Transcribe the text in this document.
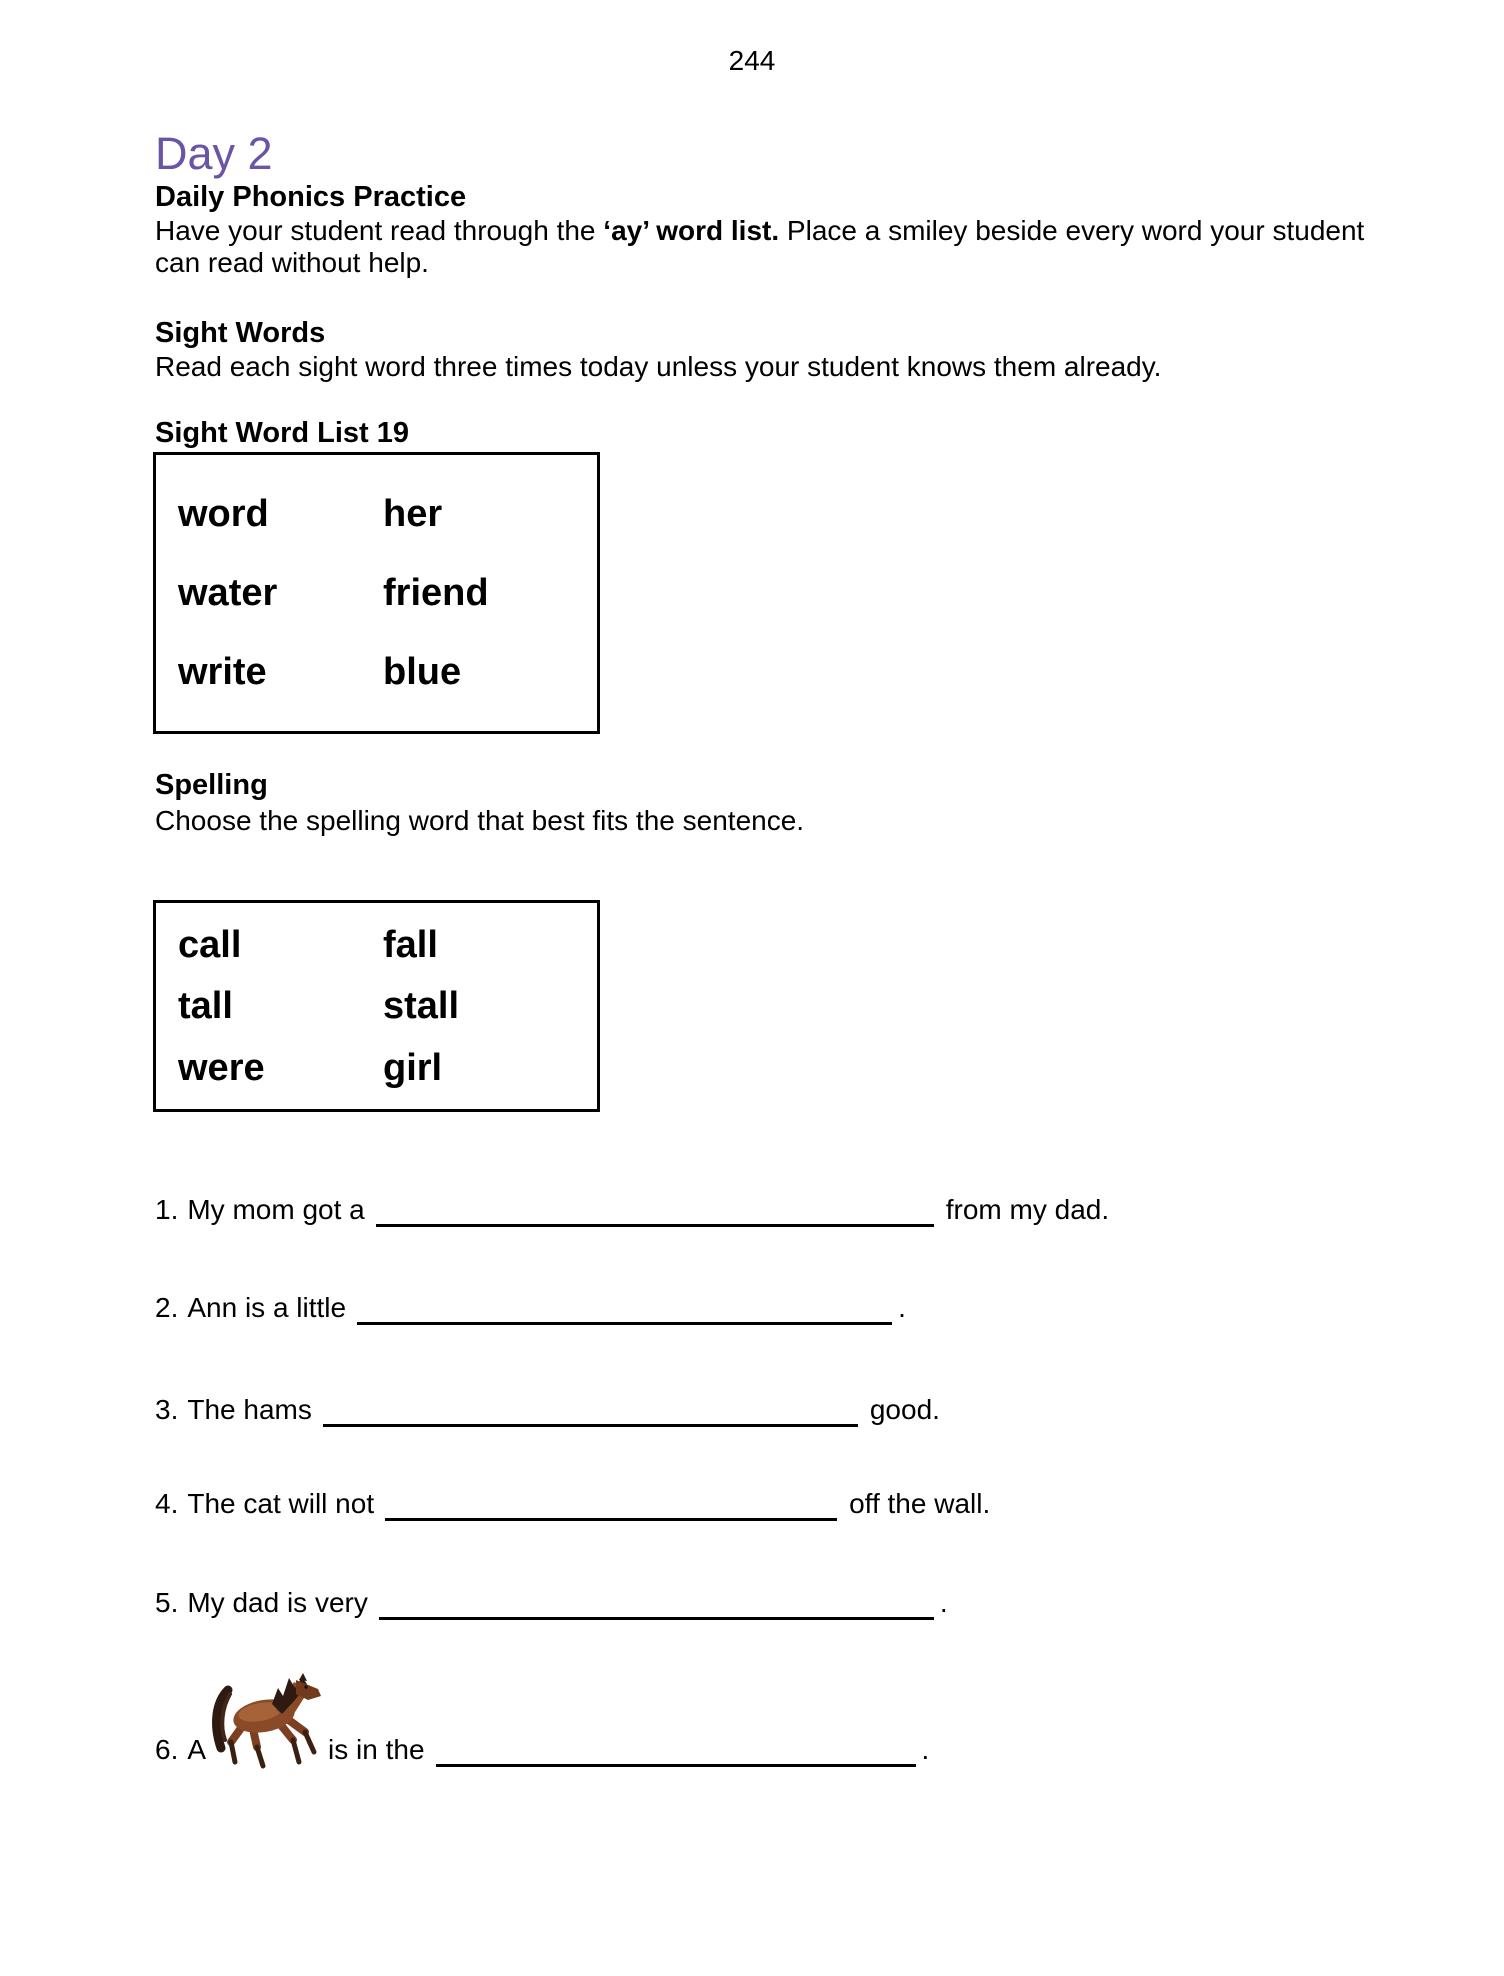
244
Day 2
Daily Phonics Practice
Have your student read through the ‘ay’ word list. Place a smiley beside every word your student can read without help.
Sight Words
Read each sight word three times today unless your student knows them already.
Sight Word List 19
word	her
water	friend
write	blue
Spelling
Choose the spelling word that best fits the sentence.
call	fall
tall	stall
were	girl
1. My mom got a	from my dad.
2. Ann is a little	.
3. The hams	good.
4. The cat will not	off the wall.
5. My dad is very	.
6. A	is in the	.
